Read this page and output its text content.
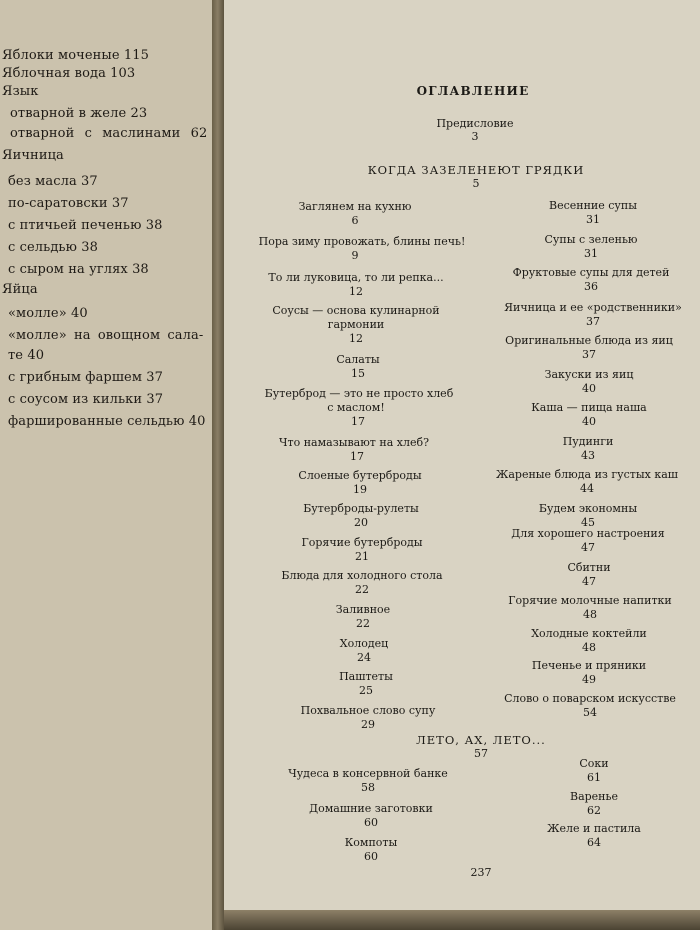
Яблоки моченые 115
Яблочная вода 103
Язык
отварной в желе 23
отварной с маслинами 62
Яичница
без масла 37
по-саратовски 37
с птичьей печенью 38
с сельдью 38
с сыром на углях 38
Яйца
«молле» 40
«молле» на овощном сала-
те 40
с грибным фаршем 37
с соусом из кильки 37
фаршированные сельдью 40
ОГЛАВЛЕНИЕ
Предисловие
3
КОГДА ЗАЗЕЛЕНЕЮТ ГРЯДКИ
5
Заглянем на кухню
6
Пора зиму провожать, блины печь!
9
То ли луковица, то ли репка...
12
Соусы — основа кулинарной
гармонии
12
Салаты
15
Бутерброд — это не просто хлеб
с маслом!
17
Что намазывают на хлеб?
17
Слоеные бутерброды
19
Бутерброды-рулеты
20
Горячие бутерброды
21
Блюда для холодного стола
22
Заливное
22
Холодец
24
Паштеты
25
Похвальное слово супу
29
Весенние супы
31
Супы с зеленью
31
Фруктовые супы для детей
36
Яичница и ее «родственники»
37
Оригинальные блюда из яиц
37
Закуски из яиц
40
Каша — пища наша
40
Пудинги
43
Жареные блюда из густых каш
44
Будем экономны
45
Для хорошего настроения
47
Сбитни
47
Горячие молочные напитки
48
Холодные коктейли
48
Печенье и пряники
49
Слово о поварском искусстве
54
ЛЕТО, АХ, ЛЕТО...
57
Чудеса в консервной банке
58
Домашние заготовки
60
Компоты
60
Соки
61
Варенье
62
Желе и пастила
64
237
